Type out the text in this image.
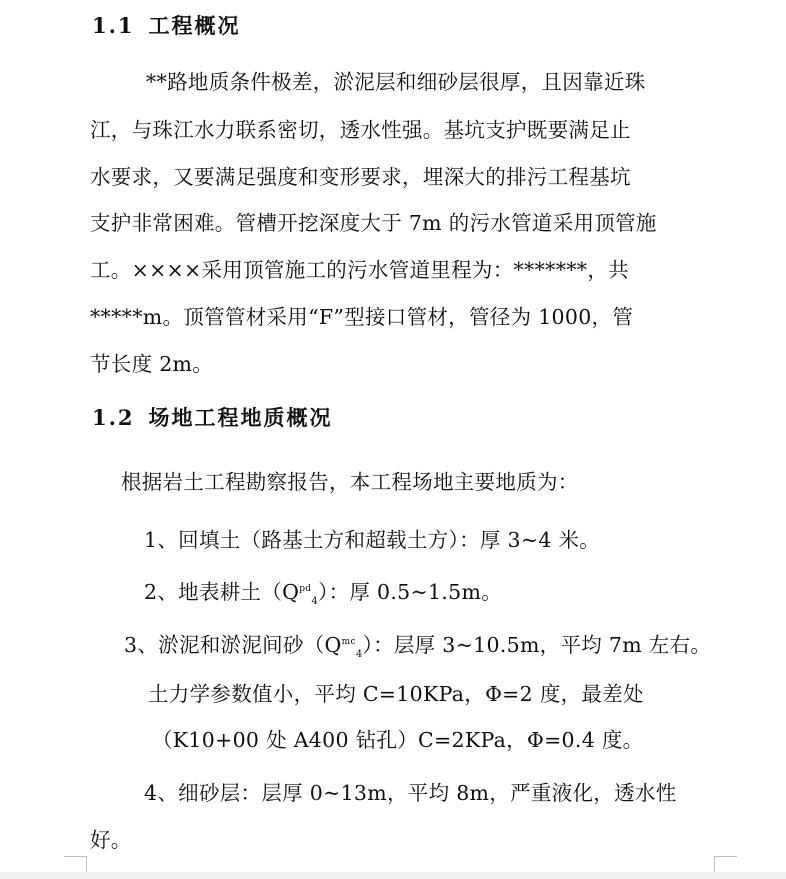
1.1 工程概况
**路地质条件极差，淤泥层和细砂层很厚，且因靠近珠
江，与珠江水力联系密切，透水性强。基坑支护既要满足止
水要求，又要满足强度和变形要求，埋深大的排污工程基坑
支护非常困难。管槽开挖深度大于 7m 的污水管道采用顶管施
工。××××采用顶管施工的污水管道里程为：*******，共
*****m。顶管管材采用“F”型接口管材，管径为 1000，管
节长度 2m。
1.2 场地工程地质概况
根据岩土工程勘察报告，本工程场地主要地质为：
1、回填土（路基土方和超载土方）：厚 3~4 米。
2、地表耕土$(Q^{pd}_4)$：厚 0.5~1.5m。
3、淤泥和淤泥间砂$(Q^{mc}_4)$：层厚 3~10.5m，平均 7m 左右。
土力学参数值小，平均 C=10KPa，Φ=2 度，最差处
（K10+00 处 A400 钻孔）C=2KPa，Φ=0.4 度。
4、细砂层：层厚 0~13m，平均 8m，严重液化，透水性
好。
